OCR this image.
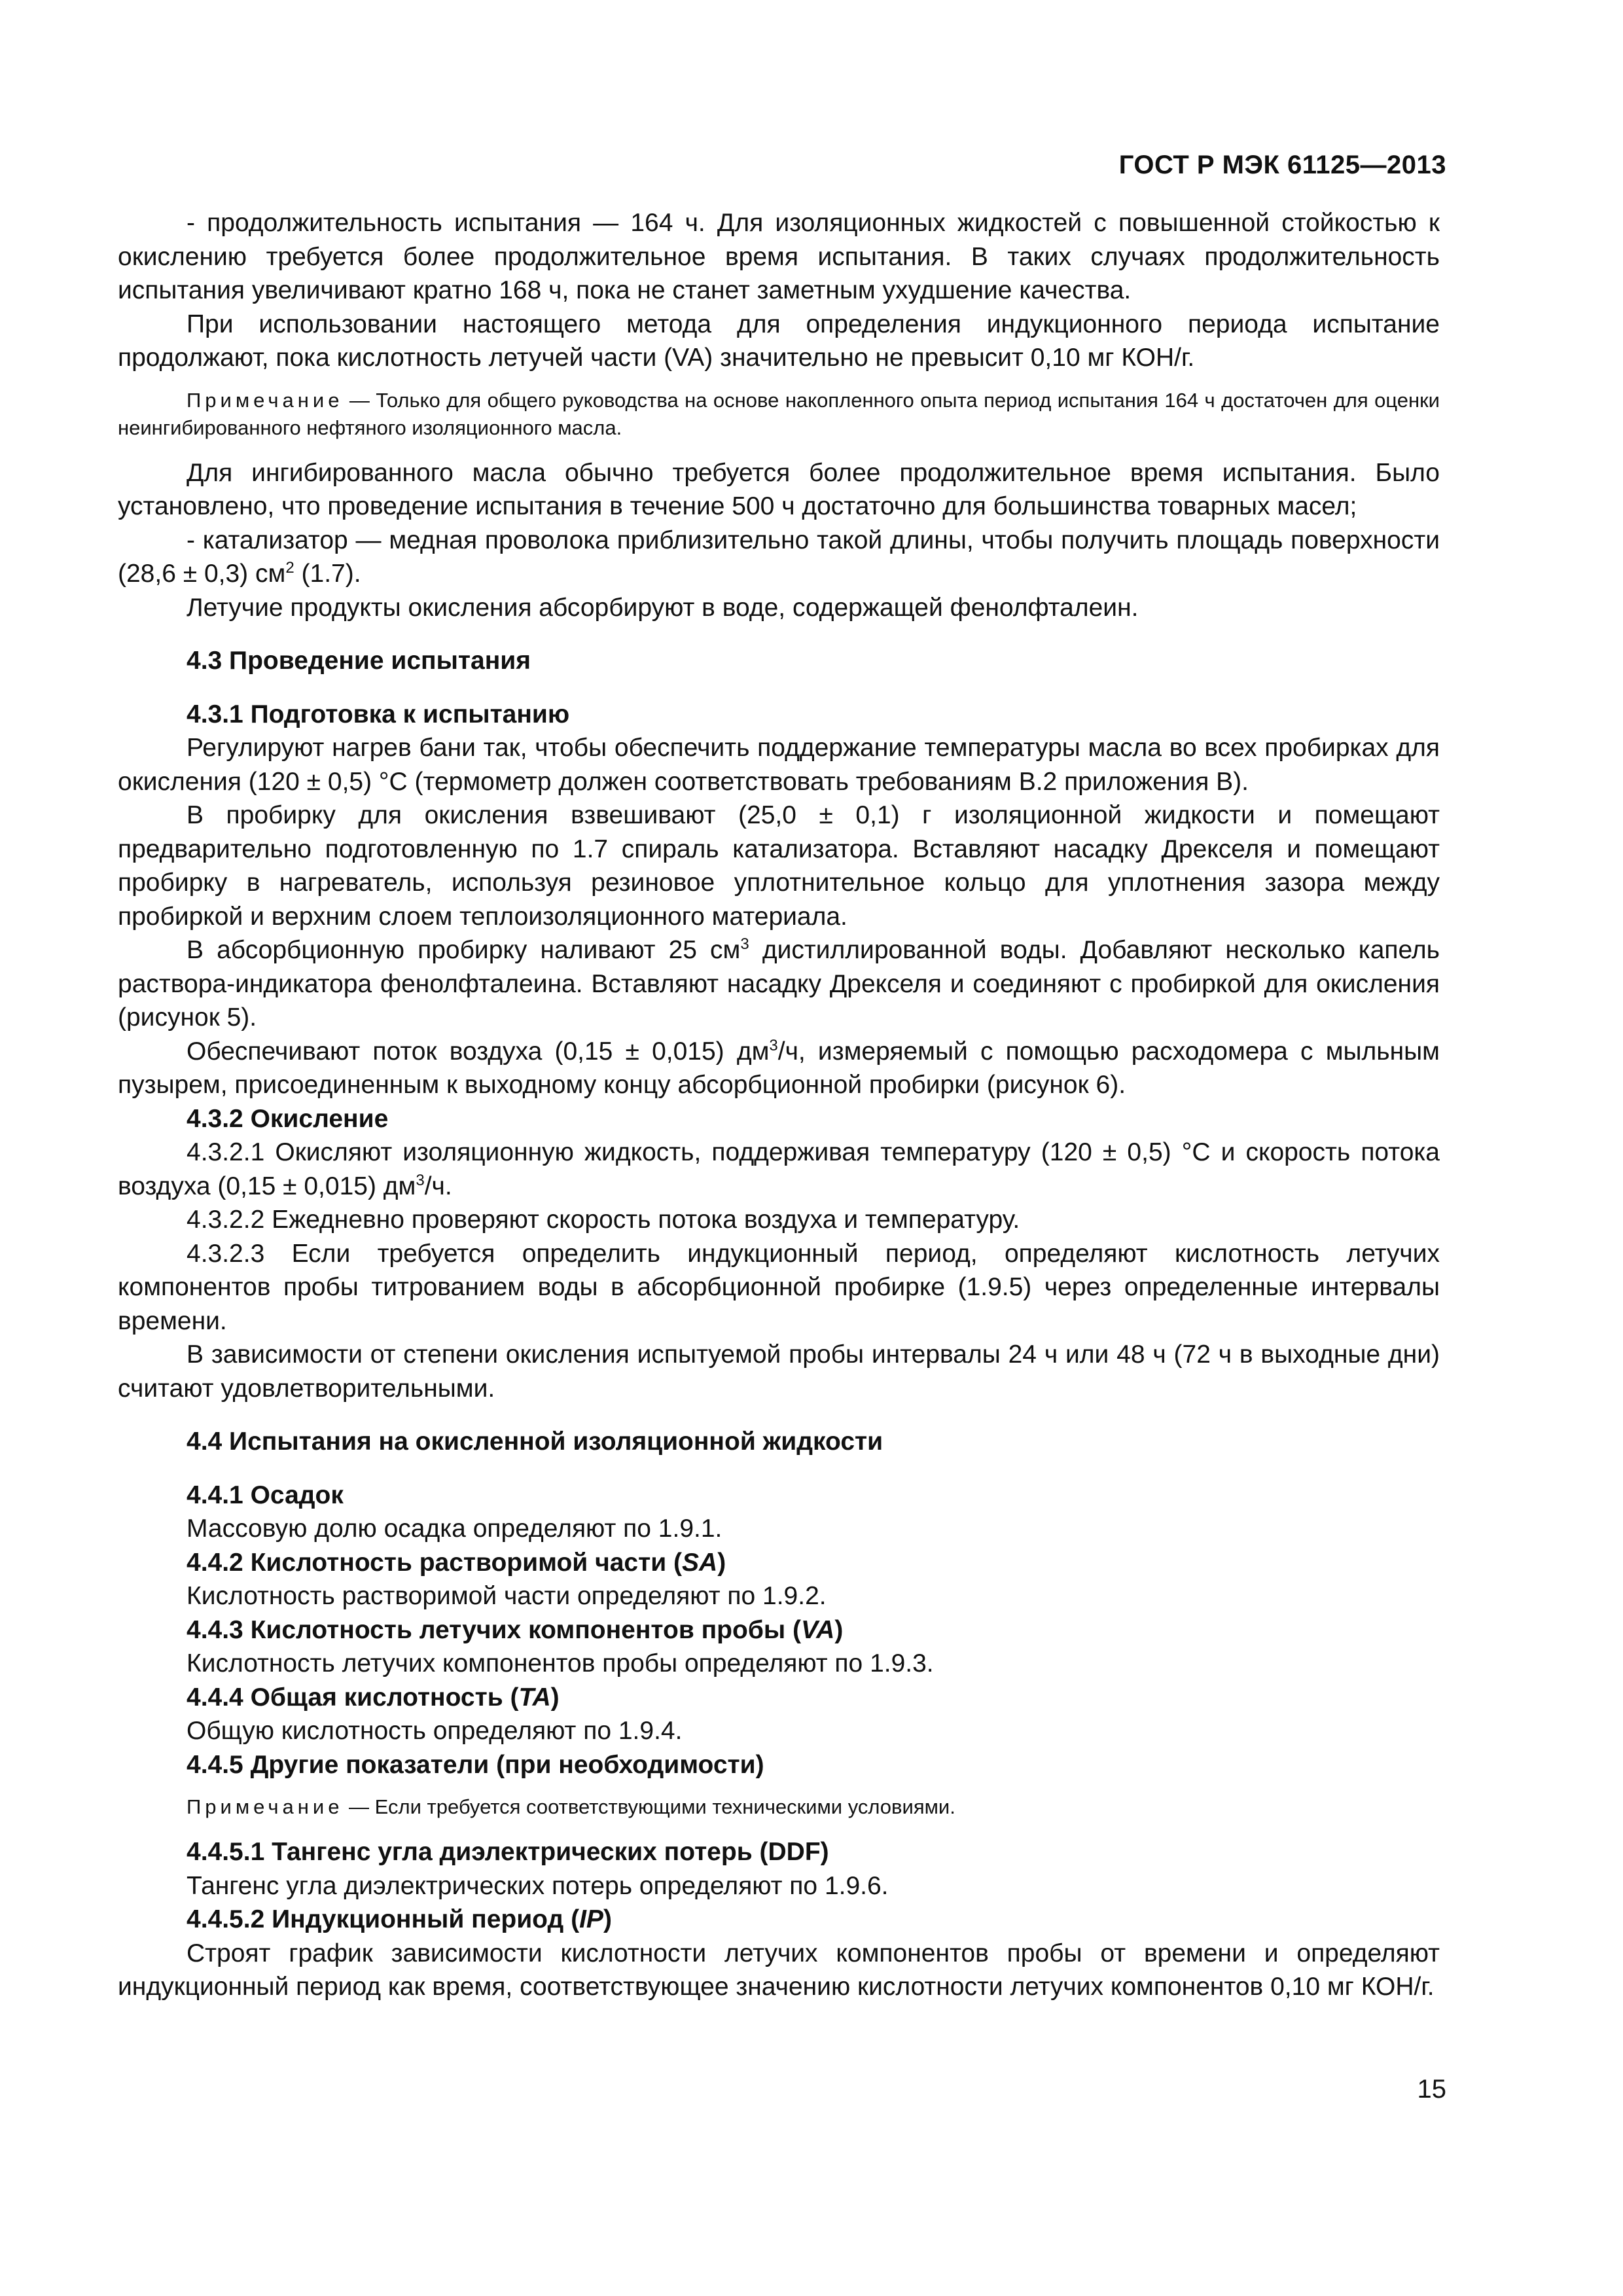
ГОСТ Р МЭК 61125—2013

- продолжительность испытания — 164 ч. Для изоляционных жидкостей с повышенной стойкостью к окислению требуется более продолжительное время испытания. В таких случаях продолжительность испытания увеличивают кратно 168 ч, пока не станет заметным ухудшение качества.

При использовании настоящего метода для определения индукционного периода испытание продолжают, пока кислотность летучей части (VA) значительно не превысит 0,10 мг КОН/г.

Примечание — Только для общего руководства на основе накопленного опыта период испытания 164 ч достаточен для оценки неингибированного нефтяного изоляционного масла.

Для ингибированного масла обычно требуется более продолжительное время испытания. Было установлено, что проведение испытания в течение 500 ч достаточно для большинства товарных масел;

- катализатор — медная проволока приблизительно такой длины, чтобы получить площадь поверхности (28,6 ± 0,3) $см^2$ (1.7).

Летучие продукты окисления абсорбируют в воде, содержащей фенолфталеин.

4.3 Проведение испытания
4.3.1 Подготовка к испытанию

Регулируют нагрев бани так, чтобы обеспечить поддержание температуры масла во всех пробирках для окисления (120 ± 0,5) °С (термометр должен соответствовать требованиям В.2 приложения В).

В пробирку для окисления взвешивают (25,0 ± 0,1) г изоляционной жидкости и помещают предварительно подготовленную по 1.7 спираль катализатора. Вставляют насадку Дрекселя и помещают пробирку в нагреватель, используя резиновое уплотнительное кольцо для уплотнения зазора между пробиркой и верхним слоем теплоизоляционного материала.

В абсорбционную пробирку наливают 25 $см^3$ дистиллированной воды. Добавляют несколько капель раствора-индикатора фенолфталеина. Вставляют насадку Дрекселя и соединяют с пробиркой для окисления (рисунок 5).

Обеспечивают поток воздуха (0,15 ± 0,015) $дм^3/ч$, измеряемый с помощью расходомера с мыльным пузырем, присоединенным к выходному концу абсорбционной пробирки (рисунок 6).

4.3.2 Окисление

4.3.2.1 Окисляют изоляционную жидкость, поддерживая температуру (120 ± 0,5) °С и скорость потока воздуха (0,15 ± 0,015) $дм^3/ч$.

4.3.2.2 Ежедневно проверяют скорость потока воздуха и температуру.

4.3.2.3 Если требуется определить индукционный период, определяют кислотность летучих компонентов пробы титрованием воды в абсорбционной пробирке (1.9.5) через определенные интервалы времени.

В зависимости от степени окисления испытуемой пробы интервалы 24 ч или 48 ч (72 ч в выходные дни) считают удовлетворительными.

4.4 Испытания на окисленной изоляционной жидкости
4.4.1 Осадок

Массовую долю осадка определяют по 1.9.1.

4.4.2 Кислотность растворимой части (SA)

Кислотность растворимой части определяют по 1.9.2.

4.4.3 Кислотность летучих компонентов пробы (VA)

Кислотность летучих компонентов пробы определяют по 1.9.3.

4.4.4 Общая кислотность (TA)

Общую кислотность определяют по 1.9.4.

4.4.5 Другие показатели (при необходимости)
Примечание — Если требуется соответствующими техническими условиями.
4.4.5.1 Тангенс угла диэлектрических потерь (DDF)

Тангенс угла диэлектрических потерь определяют по 1.9.6.

4.4.5.2 Индукционный период (IP)

Строят график зависимости кислотности летучих компонентов пробы от времени и определяют индукционный период как время, соответствующее значению кислотности летучих компонентов 0,10 мг КОН/г.

15
